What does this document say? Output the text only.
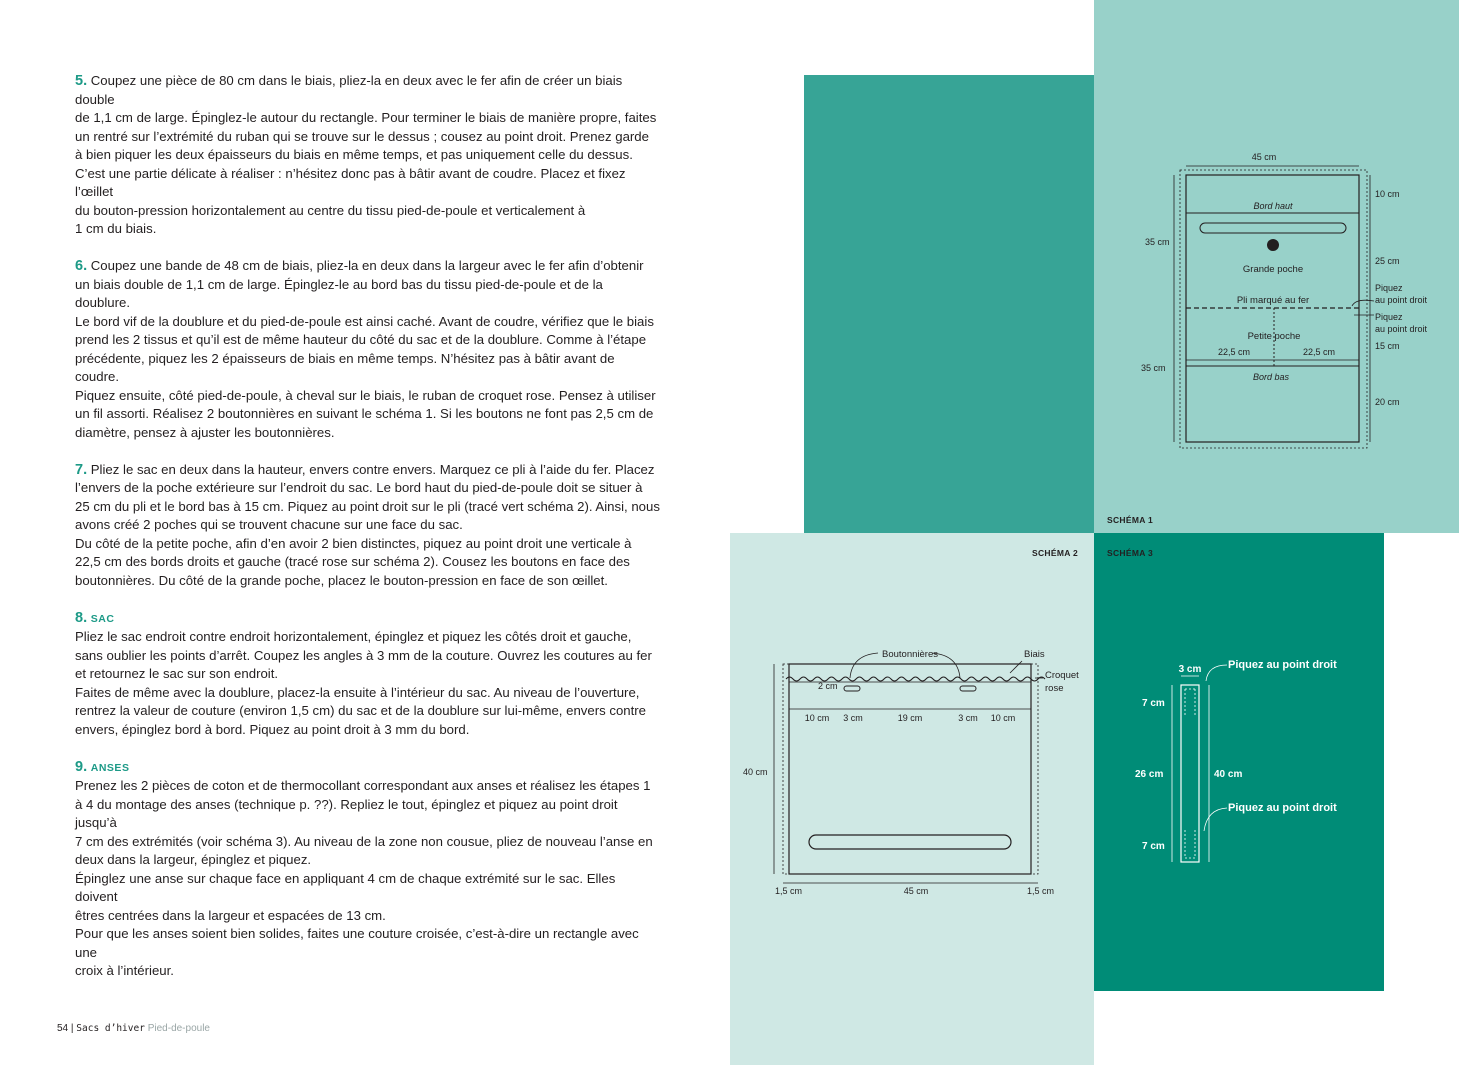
5. Coupez une pièce de 80 cm dans le biais, pliez-la en deux avec le fer afin de créer un biais double

de 1,1 cm de large. Épinglez-le autour du rectangle. Pour terminer le biais de manière propre, faites

un rentré sur l’extrémité du ruban qui se trouve sur le dessus ; cousez au point droit. Prenez garde

à bien piquer les deux épaisseurs du biais en même temps, et pas uniquement celle du dessus.

C’est une partie délicate à réaliser : n’hésitez donc pas à bâtir avant de coudre. Placez et fixez l’œillet

du bouton-pression horizontalement au centre du tissu pied-de-poule et verticalement à

1 cm du biais.

6. Coupez une bande de 48 cm de biais, pliez-la en deux dans la largeur avec le fer afin d’obtenir

un biais double de 1,1 cm de large. Épinglez-le au bord bas du tissu pied-de-poule et de la doublure.

Le bord vif de la doublure et du pied-de-poule est ainsi caché. Avant de coudre, vérifiez que le biais

prend les 2 tissus et qu’il est de même hauteur du côté du sac et de la doublure. Comme à l’étape

précédente, piquez les 2 épaisseurs de biais en même temps. N’hésitez pas à bâtir avant de coudre.

Piquez ensuite, côté pied-de-poule, à cheval sur le biais, le ruban de croquet rose. Pensez à utiliser

un fil assorti. Réalisez 2 boutonnières en suivant le schéma 1. Si les boutons ne font pas 2,5 cm de

diamètre, pensez à ajuster les boutonnières.

7. Pliez le sac en deux dans la hauteur, envers contre envers. Marquez ce pli à l’aide du fer. Placez

l’envers de la poche extérieure sur l’endroit du sac. Le bord haut du pied-de-poule doit se situer à

25 cm du pli et le bord bas à 15 cm. Piquez au point droit sur le pli (tracé vert schéma 2). Ainsi, nous

avons créé 2 poches qui se trouvent chacune sur une face du sac.

Du côté de la petite poche, afin d’en avoir 2 bien distinctes, piquez au point droit une verticale à

22,5 cm des bords droits et gauche (tracé rose sur schéma 2). Cousez les boutons en face des

boutonnières. Du côté de la grande poche, placez le bouton-pression en face de son œillet.

8. SAC

Pliez le sac endroit contre endroit horizontalement, épinglez et piquez les côtés droit et gauche,

sans oublier les points d’arrêt. Coupez les angles à 3 mm de la couture. Ouvrez les coutures au fer

et retournez le sac sur son endroit.

Faites de même avec la doublure, placez-la ensuite à l’intérieur du sac. Au niveau de l’ouverture,

rentrez la valeur de couture (environ 1,5 cm) du sac et de la doublure sur lui-même, envers contre

envers, épinglez bord à bord. Piquez au point droit à 3 mm du bord.

9. ANSES

Prenez les 2 pièces de coton et de thermocollant correspondant aux anses et réalisez les étapes 1

à 4 du montage des anses (technique p. ??). Repliez le tout, épinglez et piquez au point droit jusqu’à

7 cm des extrémités (voir schéma 3). Au niveau de la zone non cousue, pliez de nouveau l’anse en

deux dans la largeur, épinglez et piquez.

Épinglez une anse sur chaque face en appliquant 4 cm de chaque extrémité sur le sac. Elles doivent

êtres centrées dans la largeur et espacées de 13 cm.

Pour que les anses soient bien solides, faites une couture croisée, c’est-à-dire un rectangle avec une

croix à l’intérieur.

54 | Sacs d’hiver Pied-de-poule
SCHÉMA 1
SCHÉMA 2	SCHÉMA 3
45 cm
35 cm
35 cm
10 cm
25 cm
Piquez
au point droit
Piquez
au point droit
15 cm
20 cm
Bord haut
Grande poche
Pli marqué au fer
Petite poche
22,5 cm	22,5 cm
Bord bas
Boutonnières	Biais
Croquet
rose
2 cm
10 cm 3 cm	19 cm	3 cm 10 cm
40 cm
1,5 cm	45 cm	1,5 cm
3 cm Piquez au point droit
7 cm
26 cm	40 cm
Piquez au point droit
7 cm
